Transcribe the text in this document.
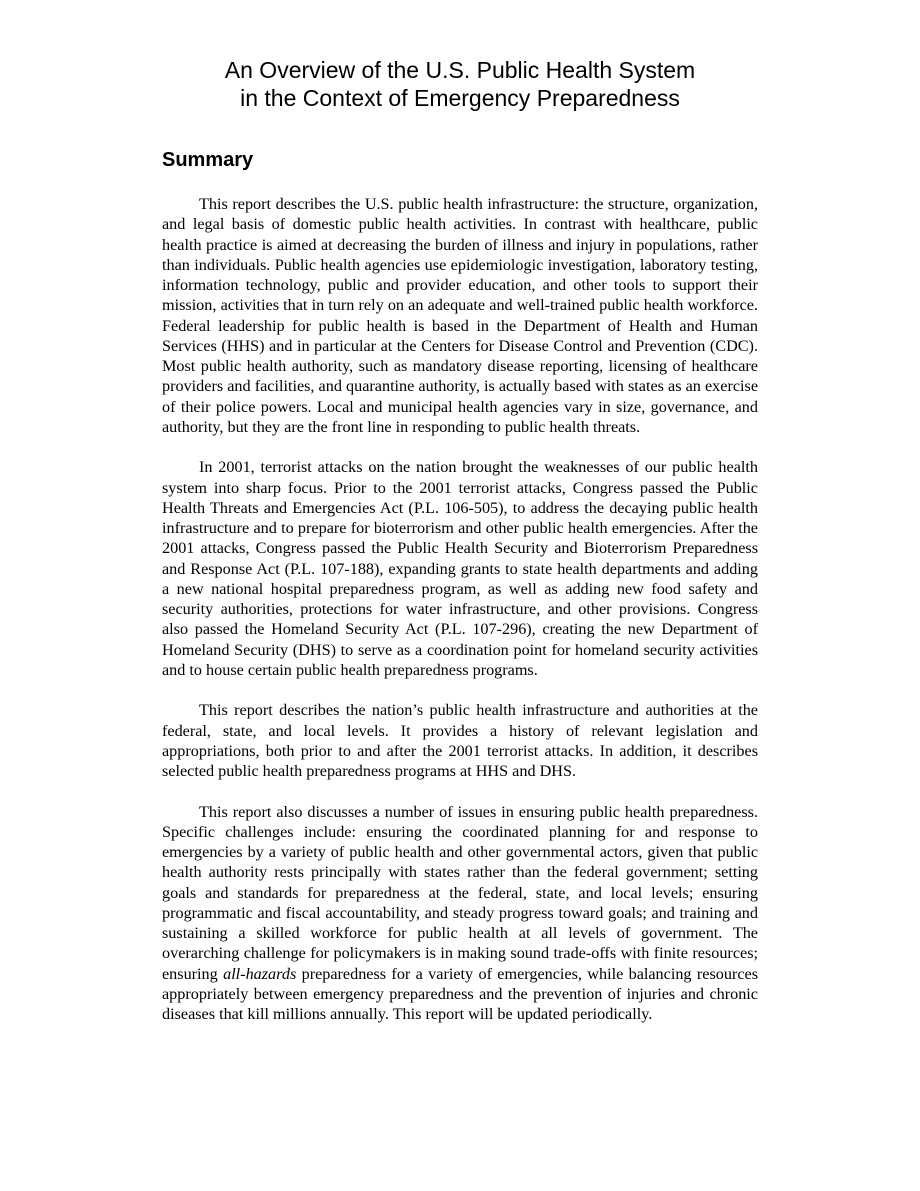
An Overview of the U.S. Public Health System
in the Context of Emergency Preparedness
Summary

This report describes the U.S. public health infrastructure: the structure, organization, and legal basis of domestic public health activities. In contrast with healthcare, public health practice is aimed at decreasing the burden of illness and injury in populations, rather than individuals. Public health agencies use epidemiologic investigation, laboratory testing, information technology, public and provider education, and other tools to support their mission, activities that in turn rely on an adequate and well-trained public health workforce. Federal leadership for public health is based in the Department of Health and Human Services (HHS) and in particular at the Centers for Disease Control and Prevention (CDC). Most public health authority, such as mandatory disease reporting, licensing of healthcare providers and facilities, and quarantine authority, is actually based with states as an exercise of their police powers. Local and municipal health agencies vary in size, governance, and authority, but they are the front line in responding to public health threats.

In 2001, terrorist attacks on the nation brought the weaknesses of our public health system into sharp focus. Prior to the 2001 terrorist attacks, Congress passed the Public Health Threats and Emergencies Act (P.L. 106-505), to address the decaying public health infrastructure and to prepare for bioterrorism and other public health emergencies. After the 2001 attacks, Congress passed the Public Health Security and Bioterrorism Preparedness and Response Act (P.L. 107-188), expanding grants to state health departments and adding a new national hospital preparedness program, as well as adding new food safety and security authorities, protections for water infrastructure, and other provisions. Congress also passed the Homeland Security Act (P.L. 107-296), creating the new Department of Homeland Security (DHS) to serve as a coordination point for homeland security activities and to house certain public health preparedness programs.

This report describes the nation’s public health infrastructure and authorities at the federal, state, and local levels. It provides a history of relevant legislation and appropriations, both prior to and after the 2001 terrorist attacks. In addition, it describes selected public health preparedness programs at HHS and DHS.

This report also discusses a number of issues in ensuring public health preparedness. Specific challenges include: ensuring the coordinated planning for and response to emergencies by a variety of public health and other governmental actors, given that public health authority rests principally with states rather than the federal government; setting goals and standards for preparedness at the federal, state, and local levels; ensuring programmatic and fiscal accountability, and steady progress toward goals; and training and sustaining a skilled workforce for public health at all levels of government. The overarching challenge for policymakers is in making sound trade-offs with finite resources; ensuring all-hazards preparedness for a variety of emergencies, while balancing resources appropriately between emergency preparedness and the prevention of injuries and chronic diseases that kill millions annually. This report will be updated periodically.
